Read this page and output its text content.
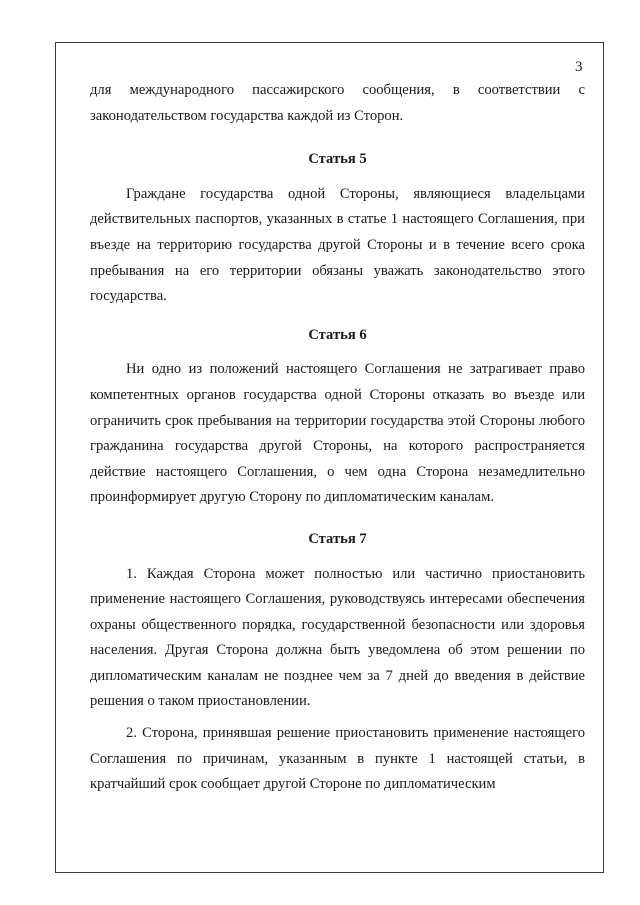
3

для международного пассажирского сообщения, в соответствии с законодательством государства каждой из Сторон.

Статья 5

Граждане государства одной Стороны, являющиеся владельцами действительных паспортов, указанных в статье 1 настоящего Соглашения, при въезде на территорию государства другой Стороны и в течение всего срока пребывания на его территории обязаны уважать законодательство этого государства.

Статья 6

Ни одно из положений настоящего Соглашения не затрагивает право компетентных органов государства одной Стороны отказать во въезде или ограничить срок пребывания на территории государства этой Стороны любого гражданина государства другой Стороны, на которого распространяется действие настоящего Соглашения, о чем одна Сторона незамедлительно проинформирует другую Сторону по дипломатическим каналам.

Статья 7

1. Каждая Сторона может полностью или частично приостановить применение настоящего Соглашения, руководствуясь интересами обеспечения охраны общественного порядка, государственной безопасности или здоровья населения. Другая Сторона должна быть уведомлена об этом решении по дипломатическим каналам не позднее чем за 7 дней до введения в действие решения о таком приостановлении.

2. Сторона, принявшая решение приостановить применение настоящего Соглашения по причинам, указанным в пункте 1 настоящей статьи, в кратчайший срок сообщает другой Стороне по дипломатическим
